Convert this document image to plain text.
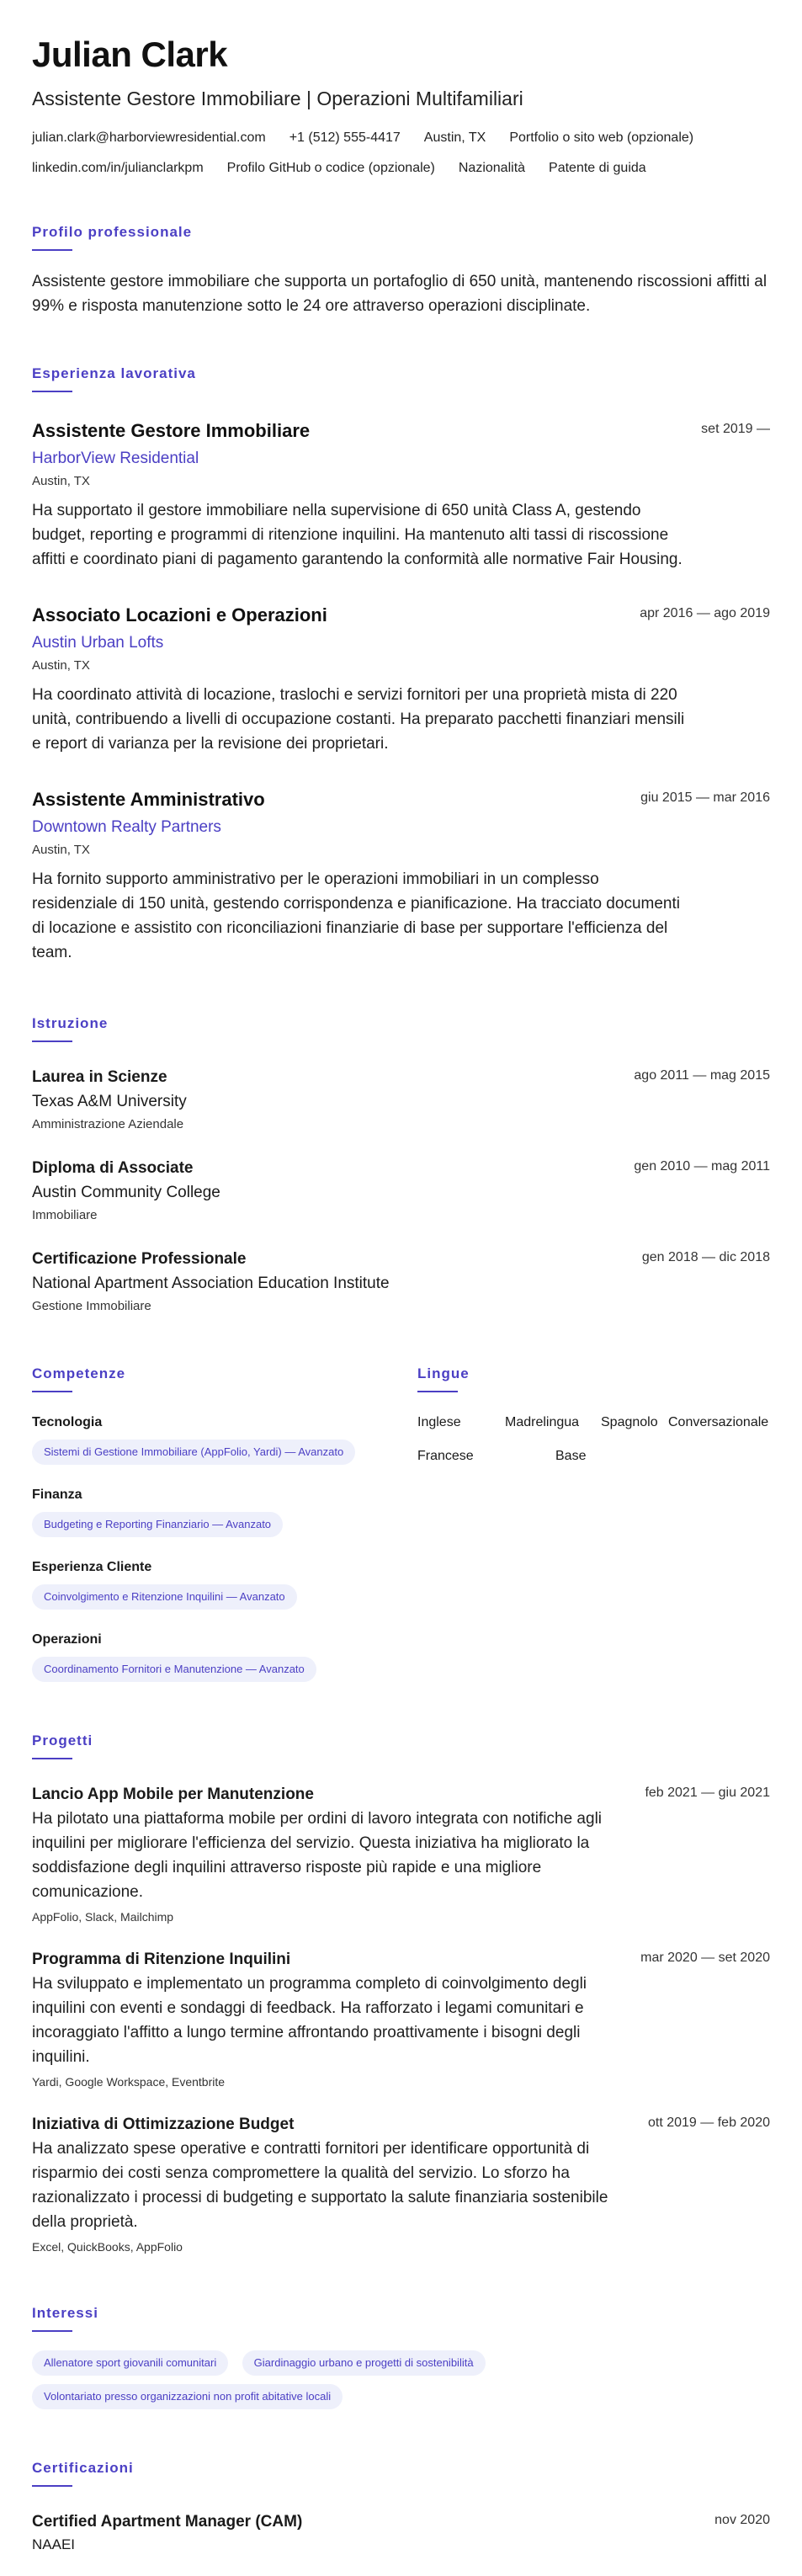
Julian Clark
Assistente Gestore Immobiliare | Operazioni Multifamiliari
julian.clark@harborviewresidential.com +1 (512) 555-4417 Austin, TX Portfolio o sito web (opzionale)
linkedin.com/in/julianclarkpm Profilo GitHub o codice (opzionale) Nazionalità Patente di guida
Profilo professionale
Assistente gestore immobiliare che supporta un portafoglio di 650 unità, mantenendo riscossioni affitti al 99% e risposta manutenzione sotto le 24 ore attraverso operazioni disciplinate.
Esperienza lavorativa
Assistente Gestore Immobiliare	set 2019 —
HarborView Residential
Austin, TX
Ha supportato il gestore immobiliare nella supervisione di 650 unità Class A, gestendo budget, reporting e programmi di ritenzione inquilini. Ha mantenuto alti tassi di riscossione affitti e coordinato piani di pagamento garantendo la conformità alle normative Fair Housing.
Associato Locazioni e Operazioni	apr 2016 — ago 2019
Austin Urban Lofts
Austin, TX
Ha coordinato attività di locazione, traslochi e servizi fornitori per una proprietà mista di 220 unità, contribuendo a livelli di occupazione costanti. Ha preparato pacchetti finanziari mensili e report di varianza per la revisione dei proprietari.
Assistente Amministrativo	giu 2015 — mar 2016
Downtown Realty Partners
Austin, TX
Ha fornito supporto amministrativo per le operazioni immobiliari in un complesso residenziale di 150 unità, gestendo corrispondenza e pianificazione. Ha tracciato documenti di locazione e assistito con riconciliazioni finanziarie di base per supportare l'efficienza del team.
Istruzione
Laurea in Scienze	ago 2011 — mag 2015
Texas A&M University
Amministrazione Aziendale
Diploma di Associate	gen 2010 — mag 2011
Austin Community College
Immobiliare
Certificazione Professionale	gen 2018 — dic 2018
National Apartment Association Education Institute
Gestione Immobiliare
Competenze
Tecnologia
Sistemi di Gestione Immobiliare (AppFolio, Yardi) — Avanzato
Finanza
Budgeting e Reporting Finanziario — Avanzato
Esperienza Cliente
Coinvolgimento e Ritenzione Inquilini — Avanzato
Operazioni
Coordinamento Fornitori e Manutenzione — Avanzato
Lingue
Inglese	Madrelingua	Spagnolo Conversazionale
Francese	Base
Progetti
Lancio App Mobile per Manutenzione	feb 2021 — giu 2021
Ha pilotato una piattaforma mobile per ordini di lavoro integrata con notifiche agli inquilini per migliorare l'efficienza del servizio. Questa iniziativa ha migliorato la soddisfazione degli inquilini attraverso risposte più rapide e una migliore comunicazione.
AppFolio, Slack, Mailchimp
Programma di Ritenzione Inquilini	mar 2020 — set 2020
Ha sviluppato e implementato un programma completo di coinvolgimento degli inquilini con eventi e sondaggi di feedback. Ha rafforzato i legami comunitari e incoraggiato l'affitto a lungo termine affrontando proattivamente i bisogni degli inquilini.
Yardi, Google Workspace, Eventbrite
Iniziativa di Ottimizzazione Budget	ott 2019 — feb 2020
Ha analizzato spese operative e contratti fornitori per identificare opportunità di risparmio dei costi senza compromettere la qualità del servizio. Lo sforzo ha razionalizzato i processi di budgeting e supportato la salute finanziaria sostenibile della proprietà.
Excel, QuickBooks, AppFolio
Interessi
Allenatore sport giovanili comunitari	Giardinaggio urbano e progetti di sostenibilità Volontariato presso organizzazioni non profit abitative locali
Certificazioni
Certified Apartment Manager (CAM)	nov 2020
NAAEI
